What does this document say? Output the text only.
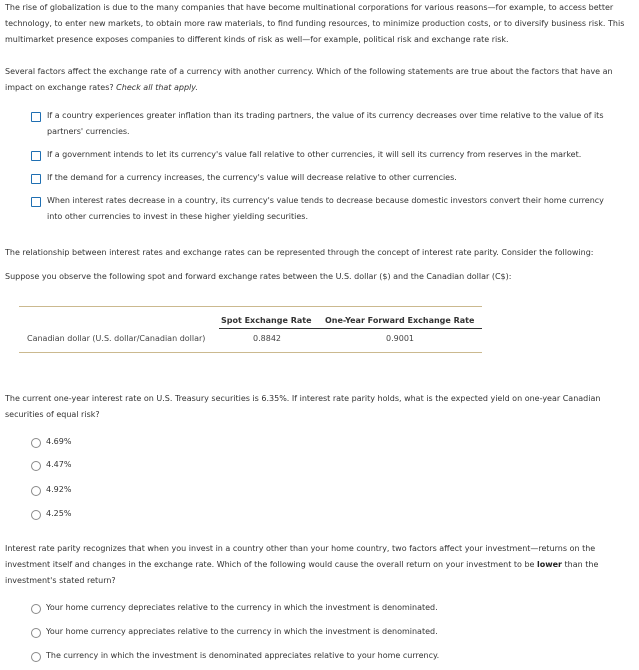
The rise of globalization is due to the many companies that have become multinational corporations for various reasons—for example, to access better technology, to enter new markets, to obtain more raw materials, to find funding resources, to minimize production costs, or to diversify business risk. This multimarket presence exposes companies to different kinds of risk as well—for example, political risk and exchange rate risk.

Several factors affect the exchange rate of a currency with another currency. Which of the following statements are true about the factors that have an impact on exchange rates? Check all that apply.

If a country experiences greater inflation than its trading partners, the value of its currency decreases over time relative to the value of its partners' currencies.
If a government intends to let its currency's value fall relative to other currencies, it will sell its currency from reserves in the market.
If the demand for a currency increases, the currency's value will decrease relative to other currencies.
When interest rates decrease in a country, its currency's value tends to decrease because domestic investors convert their home currency into other currencies to invest in these higher yielding securities.

The relationship between interest rates and exchange rates can be represented through the concept of interest rate parity. Consider the following:

Suppose you observe the following spot and forward exchange rates between the U.S. dollar ($) and the Canadian dollar (C$):

Spot Exchange Rate One-Year Forward Exchange Rate
Canadian dollar (U.S. dollar/Canadian dollar)	0.8842	0.9001

The current one-year interest rate on U.S. Treasury securities is 6.35%. If interest rate parity holds, what is the expected yield on one-year Canadian securities of equal risk?

4.69%
4.47%
4.92%
4.25%

Interest rate parity recognizes that when you invest in a country other than your home country, two factors affect your investment—returns on the investment itself and changes in the exchange rate. Which of the following would cause the overall return on your investment to be lower than the investment's stated return?

Your home currency depreciates relative to the currency in which the investment is denominated.
Your home currency appreciates relative to the currency in which the investment is denominated.
The currency in which the investment is denominated appreciates relative to your home currency.
